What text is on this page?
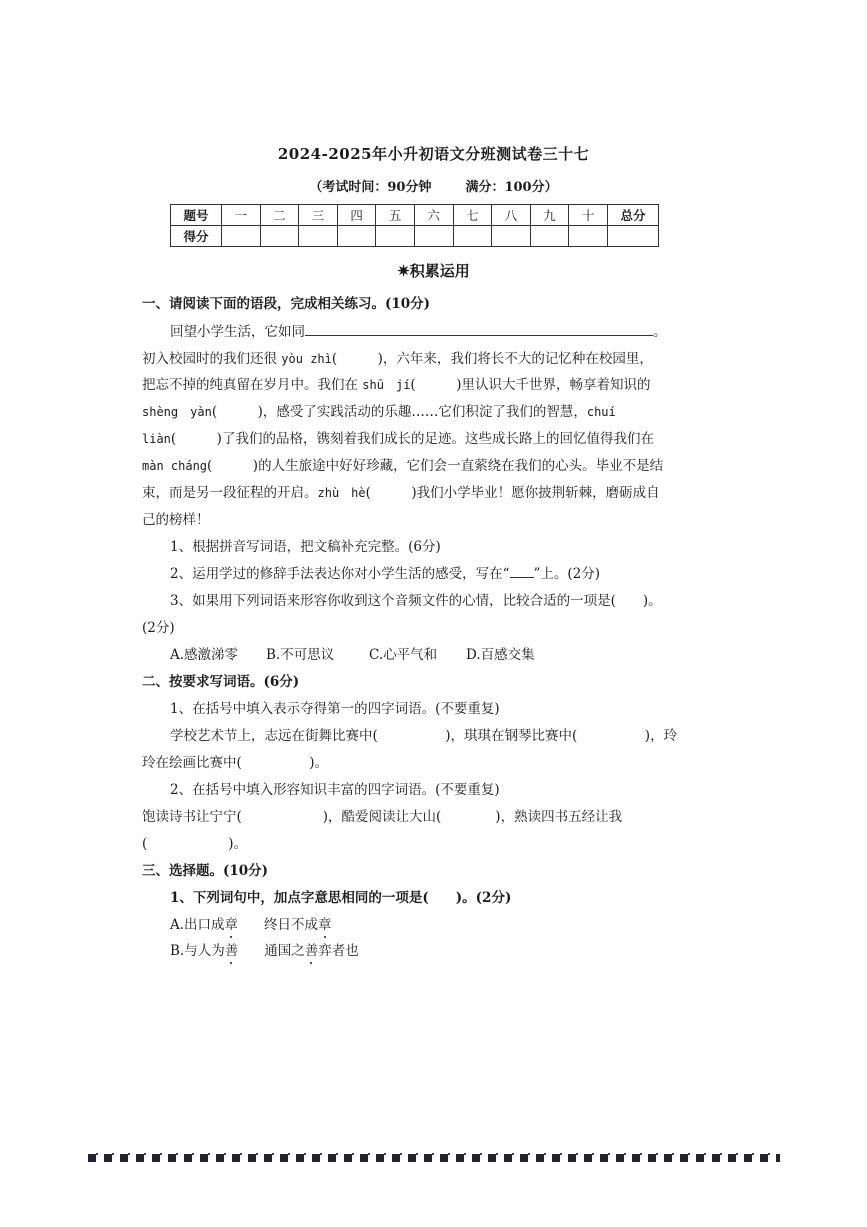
2024-2025年小升初语文分班测试卷三十七
（考试时间：90分钟	满分：100分）
题号	一	二	三	四	五	六	七	八	九	十	总分
得分											
✷积累运用
一、请阅读下面的语段，完成相关练习。(10分)
回望小学生活，它如同	。
初入校园时的我们还很 yòu zhì(　　　)，六年来，我们将长不大的记忆种在校园里，
把忘不掉的纯真留在岁月中。我们在 shū　jí(　　　)里认识大千世界，畅享着知识的
shèng　yàn(　　　)，感受了实践活动的乐趣……它们积淀了我们的智慧，chuí
liàn(　　　)了我们的品格，镌刻着我们成长的足迹。这些成长路上的回忆值得我们在
màn cháng(　　　)的人生旅途中好好珍藏，它们会一直萦绕在我们的心头。毕业不是结
束，而是另一段征程的开启。zhù　hè(　　　)我们小学毕业！愿你披荆斩棘，磨砺成自
己的榜样！
1、根据拼音写词语，把文稿补充完整。(6分)
2、运用学过的修辞手法表达你对小学生活的感受，写在“ ”上。(2分)
3、如果用下列词语来形容你收到这个音频文件的心情，比较合适的一项是(　　)。
(2分)
A.感激涕零 B.不可思议	C.心平气和 D.百感交集
二、按要求写词语。(6分)
1、在括号中填入表示夺得第一的四字词语。(不要重复)
学校艺术节上，志远在街舞比赛中(　　　　　)，琪琪在钢琴比赛中(　　　　　)，玲
玲在绘画比赛中(　　　　　)。
2、在括号中填入形容知识丰富的四字词语。(不要重复)
饱读诗书让宁宁(　　　　　　)，酷爱阅读让大山(　　　　)，熟读四书五经让我
(　　　　　　)。
三、选择题。(10分)
1、下列词句中，加点字意思相同的一项是(　　)。(2分)
A.出口成章 终日不成章
B.与人为善 通国之善弈者也
